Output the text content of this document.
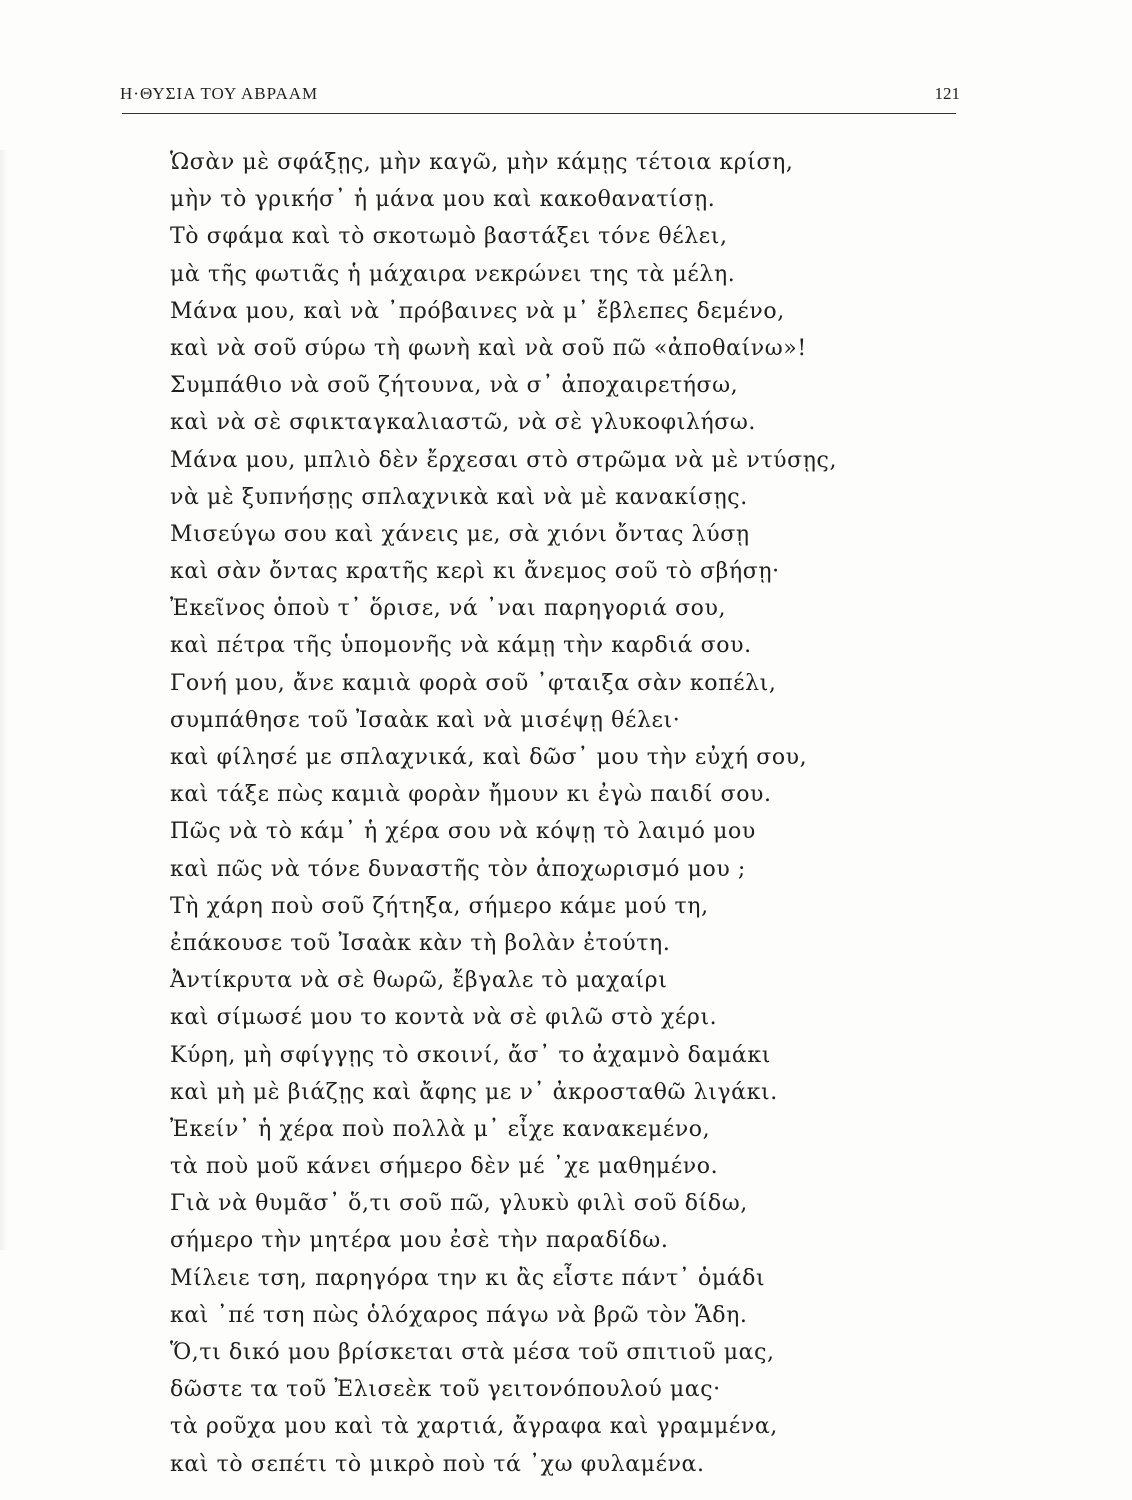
Η·ΘΥΣΙΑ ΤΟΥ ΑΒΡΑΑΜ	121
Ὡσὰν μὲ σφάξῃς, μὴν καγῶ, μὴν κάμῃς τέτοια κρίση,
μὴν τὸ γρικήσ᾽ ἡ μάνα μου καὶ κακοθανατίσῃ.
Τὸ σφάμα καὶ τὸ σκοτωμὸ βαστάξει τόνε θέλει,
μὰ τῆς φωτιᾶς ἡ μάχαιρα νεκρώνει της τὰ μέλη.
Μάνα μου, καὶ νὰ ᾽πρόβαινες νὰ μ᾽ ἔβλεπες δεμένο,
καὶ νὰ σοῦ σύρω τὴ φωνὴ καὶ νὰ σοῦ πῶ «ἀποθαίνω»!
Συμπάθιο νὰ σοῦ ζήτουνα, νὰ σ᾽ ἀποχαιρετήσω,
καὶ νὰ σὲ σφικταγκαλιαστῶ, νὰ σὲ γλυκοφιλήσω.
Μάνα μου, μπλιὸ δὲν ἔρχεσαι στὸ στρῶμα νὰ μὲ ντύσῃς,
νὰ μὲ ξυπνήσῃς σπλαχνικὰ καὶ νὰ μὲ κανακίσῃς.
Μισεύγω σου καὶ χάνεις με, σὰ χιόνι ὄντας λύσῃ
καὶ σὰν ὄντας κρατῆς κερὶ κι ἄνεμος σοῦ τὸ σβήσῃ·
Ἐκεῖνος ὁποὺ τ᾽ ὅρισε, νά ᾽ναι παρηγοριά σου,
καὶ πέτρα τῆς ὑπομονῆς νὰ κάμῃ τὴν καρδιά σου.
Γονή μου, ἄνε καμιὰ φορὰ σοῦ ᾽φταιξα σὰν κοπέλι,
συμπάθησε τοῦ Ἰσαὰκ καὶ νὰ μισέψῃ θέλει·
καὶ φίλησέ με σπλαχνικά, καὶ δῶσ᾽ μου τὴν εὐχή σου,
καὶ τάξε πὼς καμιὰ φορὰν ἤμουν κι ἐγὼ παιδί σου.
Πῶς νὰ τὸ κάμ᾽ ἡ χέρα σου νὰ κόψῃ τὸ λαιμό μου
καὶ πῶς νὰ τόνε δυναστῆς τὸν ἀποχωρισμό μου ;
Τὴ χάρη ποὺ σοῦ ζήτηξα, σήμερο κάμε μού τη,
ἐπάκουσε τοῦ Ἰσαὰκ κὰν τὴ βολὰν ἐτούτη.
Ἀντίκρυτα νὰ σὲ θωρῶ, ἔβγαλε τὸ μαχαίρι
καὶ σίμωσέ μου το κοντὰ νὰ σὲ φιλῶ στὸ χέρι.
Κύρη, μὴ σφίγγῃς τὸ σκοινί, ἄσ᾽ το ἀχαμνὸ δαμάκι
καὶ μὴ μὲ βιάζῃς καὶ ἄφης με ν᾽ ἀκροσταθῶ λιγάκι.
Ἐκείν᾽ ἡ χέρα ποὺ πολλὰ μ᾽ εἶχε κανακεμένο,
τὰ ποὺ μοῦ κάνει σήμερο δὲν μέ ᾽χε μαθημένο.
Γιὰ νὰ θυμᾶσ᾽ ὅ,τι σοῦ πῶ, γλυκὺ φιλὶ σοῦ δίδω,
σήμερο τὴν μητέρα μου ἐσὲ τὴν παραδίδω.
Μίλειε τση, παρηγόρα την κι ἂς εἶστε πάντ᾽ ὁμάδι
καὶ ᾽πέ τση πὼς ὁλόχαρος πάγω νὰ βρῶ τὸν Ἅδη.
Ὅ,τι δικό μου βρίσκεται στὰ μέσα τοῦ σπιτιοῦ μας,
δῶστε τα τοῦ Ἐλισεὲκ τοῦ γειτονόπουλού μας·
τὰ ροῦχα μου καὶ τὰ χαρτιά, ἄγραφα καὶ γραμμένα,
καὶ τὸ σεπέτι τὸ μικρὸ ποὺ τά ᾽χω φυλαμένα.
